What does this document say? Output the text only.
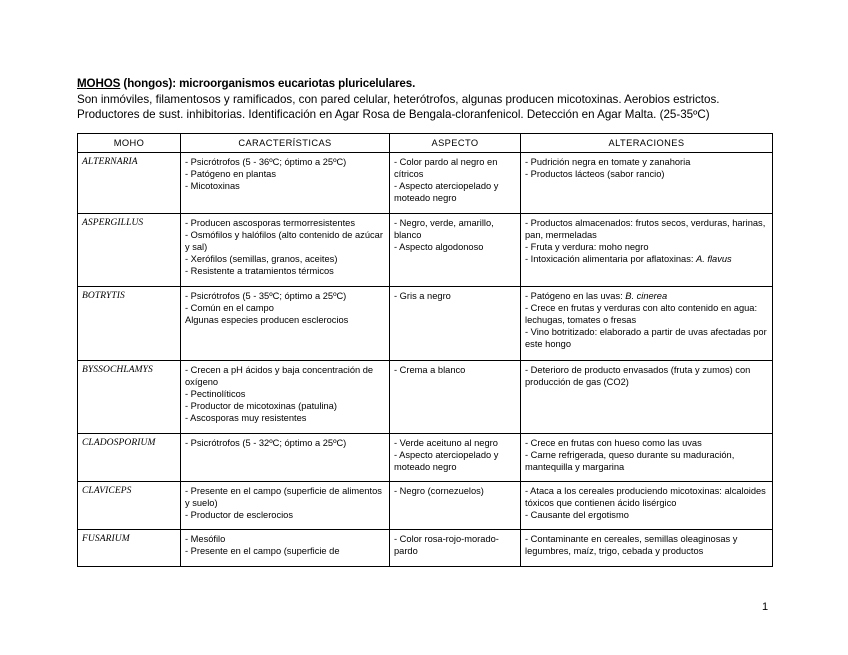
MOHOS (hongos): microorganismos eucariotas pluricelulares.

Son inmóviles, filamentosos y ramificados, con pared celular, heterótrofos, algunas producen micotoxinas. Aerobios estrictos.

Productores de sust. inhibitorias. Identificación en Agar Rosa de Bengala-cloranfenicol. Detección en Agar Malta. (25-35ºC)

MOHO	CARACTERÍSTICAS	ASPECTO	ALTERACIONES
ALTERNARIA	- Psicrótrofos (5 - 36ºC; óptimo a 25ºC)
- Patógeno en plantas
- Micotoxinas	- Color pardo al negro en cítricos
- Aspecto aterciopelado y moteado negro	- Pudrición negra en tomate y zanahoria
- Productos lácteos (sabor rancio)

ASPERGILLUS	- Producen ascosporas termorresistentes
- Osmófilos y halófilos (alto contenido de azúcar y sal)
- Xerófilos (semillas, granos, aceites)
- Resistente a tratamientos térmicos	- Negro, verde, amarillo, blanco
- Aspecto algodonoso	- Productos almacenados: frutos secos, verduras, harinas, pan, mermeladas
- Fruta y verdura: moho negro
- Intoxicación alimentaria por aflatoxinas: A. flavus

BOTRYTIS	- Psicrótrofos (5 - 35ºC; óptimo a 25ºC)
- Común en el campo
Algunas especies producen esclerocios	- Gris a negro	- Patógeno en las uvas: B. cinerea
- Crece en frutas y verduras con alto contenido en agua: lechugas, tomates o fresas
- Vino botritizado: elaborado a partir de uvas afectadas por este hongo

BYSSOCHLAMYS	- Crecen a pH ácidos y baja concentración de oxígeno
- Pectinolíticos
- Productor de micotoxinas (patulina)
- Ascosporas muy resistentes	- Crema a blanco	- Deterioro de producto envasados (fruta y zumos) con producción de gas (CO2)

CLADOSPORIUM	- Psicrótrofos (5 - 32ºC; óptimo a 25ºC)	- Verde aceituno al negro
- Aspecto aterciopelado y moteado negro	- Crece en frutas con hueso como las uvas
- Carne refrigerada, queso durante su maduración, mantequilla y margarina

CLAVICEPS	- Presente en el campo (superficie de alimentos y suelo)
- Productor de esclerocios	- Negro (cornezuelos)	- Ataca a los cereales produciendo micotoxinas: alcaloides tóxicos que contienen ácido lisérgico
- Causante del ergotismo

FUSARIUM	- Mesófilo
- Presente en el campo (superficie de	- Color rosa-rojo-morado-pardo	- Contaminante en cereales, semillas oleaginosas y legumbres, maíz, trigo, cebada y productos
1
